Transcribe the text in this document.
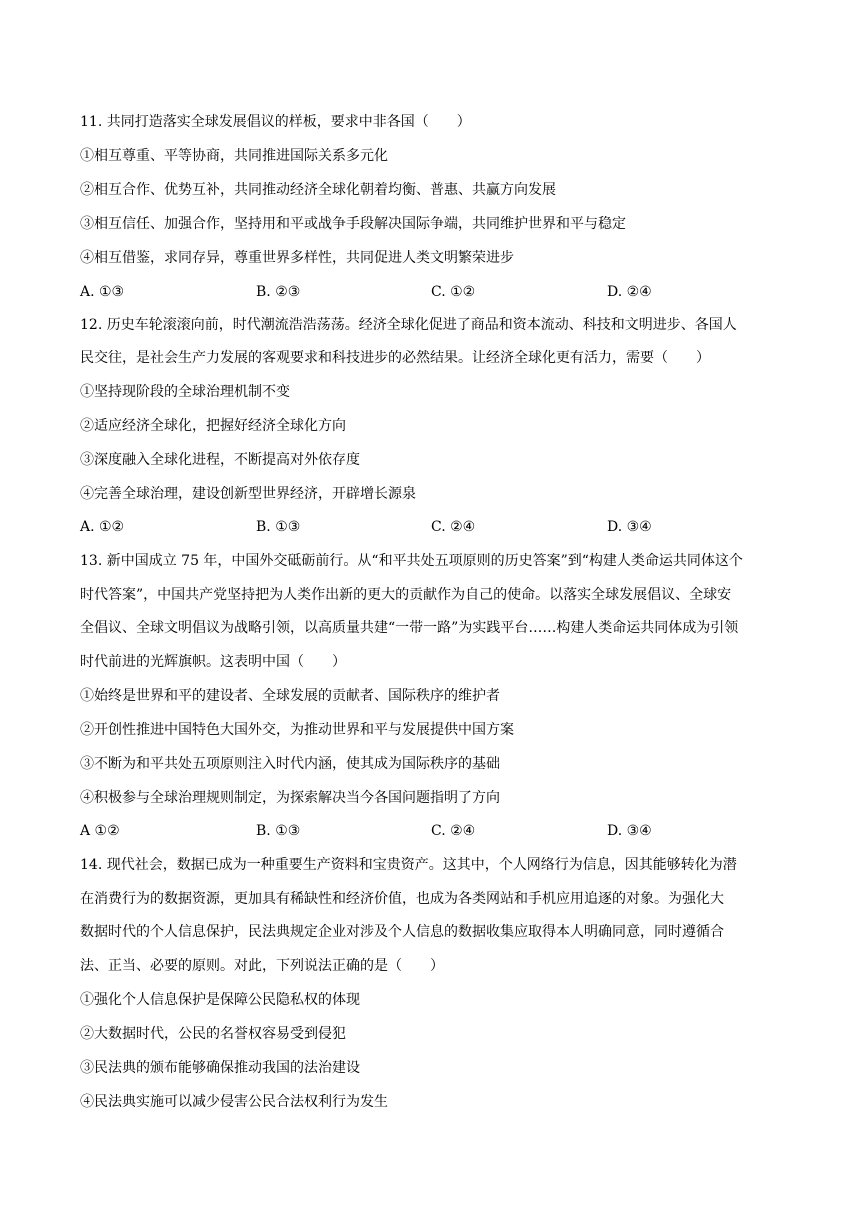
11. 共同打造落实全球发展倡议的样板，要求中非各国（　　）
①相互尊重、平等协商，共同推进国际关系多元化
②相互合作、优势互补，共同推动经济全球化朝着均衡、普惠、共赢方向发展
③相互信任、加强合作，坚持用和平或战争手段解决国际争端，共同维护世界和平与稳定
④相互借鉴，求同存异，尊重世界多样性，共同促进人类文明繁荣进步
A. ①③	B. ②③	C. ①②	D. ②④
12. 历史车轮滚滚向前，时代潮流浩浩荡荡。经济全球化促进了商品和资本流动、科技和文明进步、各国人
民交往，是社会生产力发展的客观要求和科技进步的必然结果。让经济全球化更有活力，需要（　　）
①坚持现阶段的全球治理机制不变
②适应经济全球化，把握好经济全球化方向
③深度融入全球化进程，不断提高对外依存度
④完善全球治理，建设创新型世界经济，开辟增长源泉
A. ①②	B. ①③	C. ②④	D. ③④
13. 新中国成立 75 年，中国外交砥砺前行。从“和平共处五项原则的历史答案”到“构建人类命运共同体这个
时代答案”，中国共产党坚持把为人类作出新的更大的贡献作为自己的使命。以落实全球发展倡议、全球安
全倡议、全球文明倡议为战略引领，以高质量共建“一带一路”为实践平台……构建人类命运共同体成为引领
时代前进的光辉旗帜。这表明中国（　　）
①始终是世界和平的建设者、全球发展的贡献者、国际秩序的维护者
②开创性推进中国特色大国外交，为推动世界和平与发展提供中国方案
③不断为和平共处五项原则注入时代内涵，使其成为国际秩序的基础
④积极参与全球治理规则制定，为探索解决当今各国问题指明了方向
A ①②	B. ①③	C. ②④	D. ③④
14. 现代社会，数据已成为一种重要生产资料和宝贵资产。这其中，个人网络行为信息，因其能够转化为潜
在消费行为的数据资源，更加具有稀缺性和经济价值，也成为各类网站和手机应用追逐的对象。为强化大
数据时代的个人信息保护，民法典规定企业对涉及个人信息的数据收集应取得本人明确同意，同时遵循合
法、正当、必要的原则。对此，下列说法正确的是（　　）
①强化个人信息保护是保障公民隐私权的体现
②大数据时代，公民的名誉权容易受到侵犯
③民法典的颁布能够确保推动我国的法治建设
④民法典实施可以减少侵害公民合法权利行为发生
